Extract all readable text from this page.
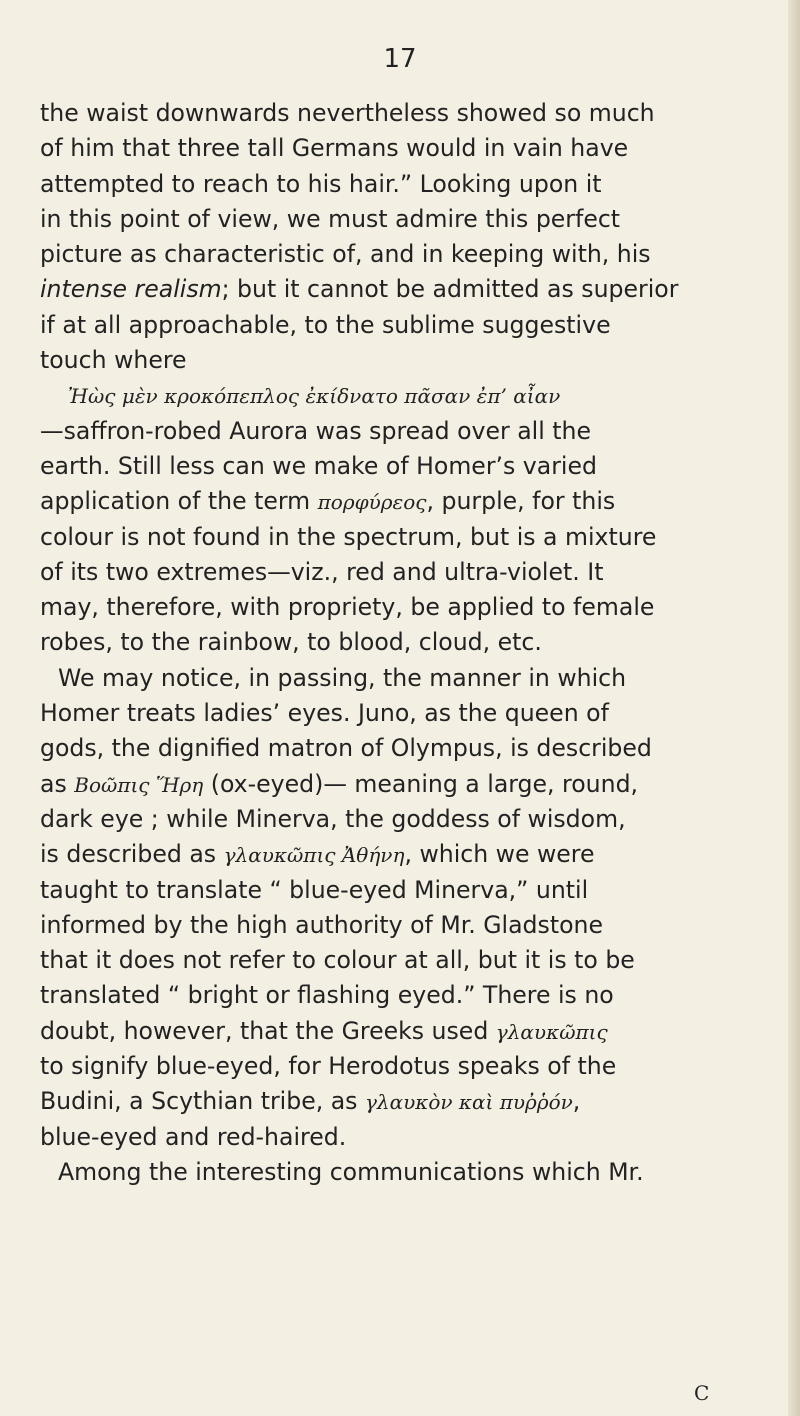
17
the waist downwards nevertheless showed so much
of him that three tall Germans would in vain have
attempted to reach to his hair.” Looking upon it
in this point of view, we must admire this perfect
picture as characteristic of, and in keeping with, his
intense realism; but it cannot be admitted as superior
if at all approachable, to the sublime suggestive
touch where
Ἠὼς μὲν κροκόπεπλος ἐκίδνατο πᾶσαν ἐπ’ αἶαν
—saffron-robed Aurora was spread over all the
earth. Still less can we make of Homer’s varied
application of the term πορφύρεος, purple, for this
colour is not found in the spectrum, but is a mixture
of its two extremes—viz., red and ultra-violet. It
may, therefore, with propriety, be applied to female
robes, to the rainbow, to blood, cloud, etc.
We may notice, in passing, the manner in which
Homer treats ladies’ eyes. Juno, as the queen of
gods, the dignified matron of Olympus, is described
as Βοῶπις Ἥρη (ox-eyed)— meaning a large, round,
dark eye ; while Minerva, the goddess of wisdom,
is described as γλαυκῶπις Ἀθήνη, which we were
taught to translate “ blue-eyed Minerva,” until
informed by the high authority of Mr. Gladstone
that it does not refer to colour at all, but it is to be
translated “ bright or flashing eyed.” There is no
doubt, however, that the Greeks used γλαυκῶπις
to signify blue-eyed, for Herodotus speaks of the
Budini, a Scythian tribe, as γλαυκὸν καὶ πυῤῥόν,
blue-eyed and red-haired.
Among the interesting communications which Mr.
C
